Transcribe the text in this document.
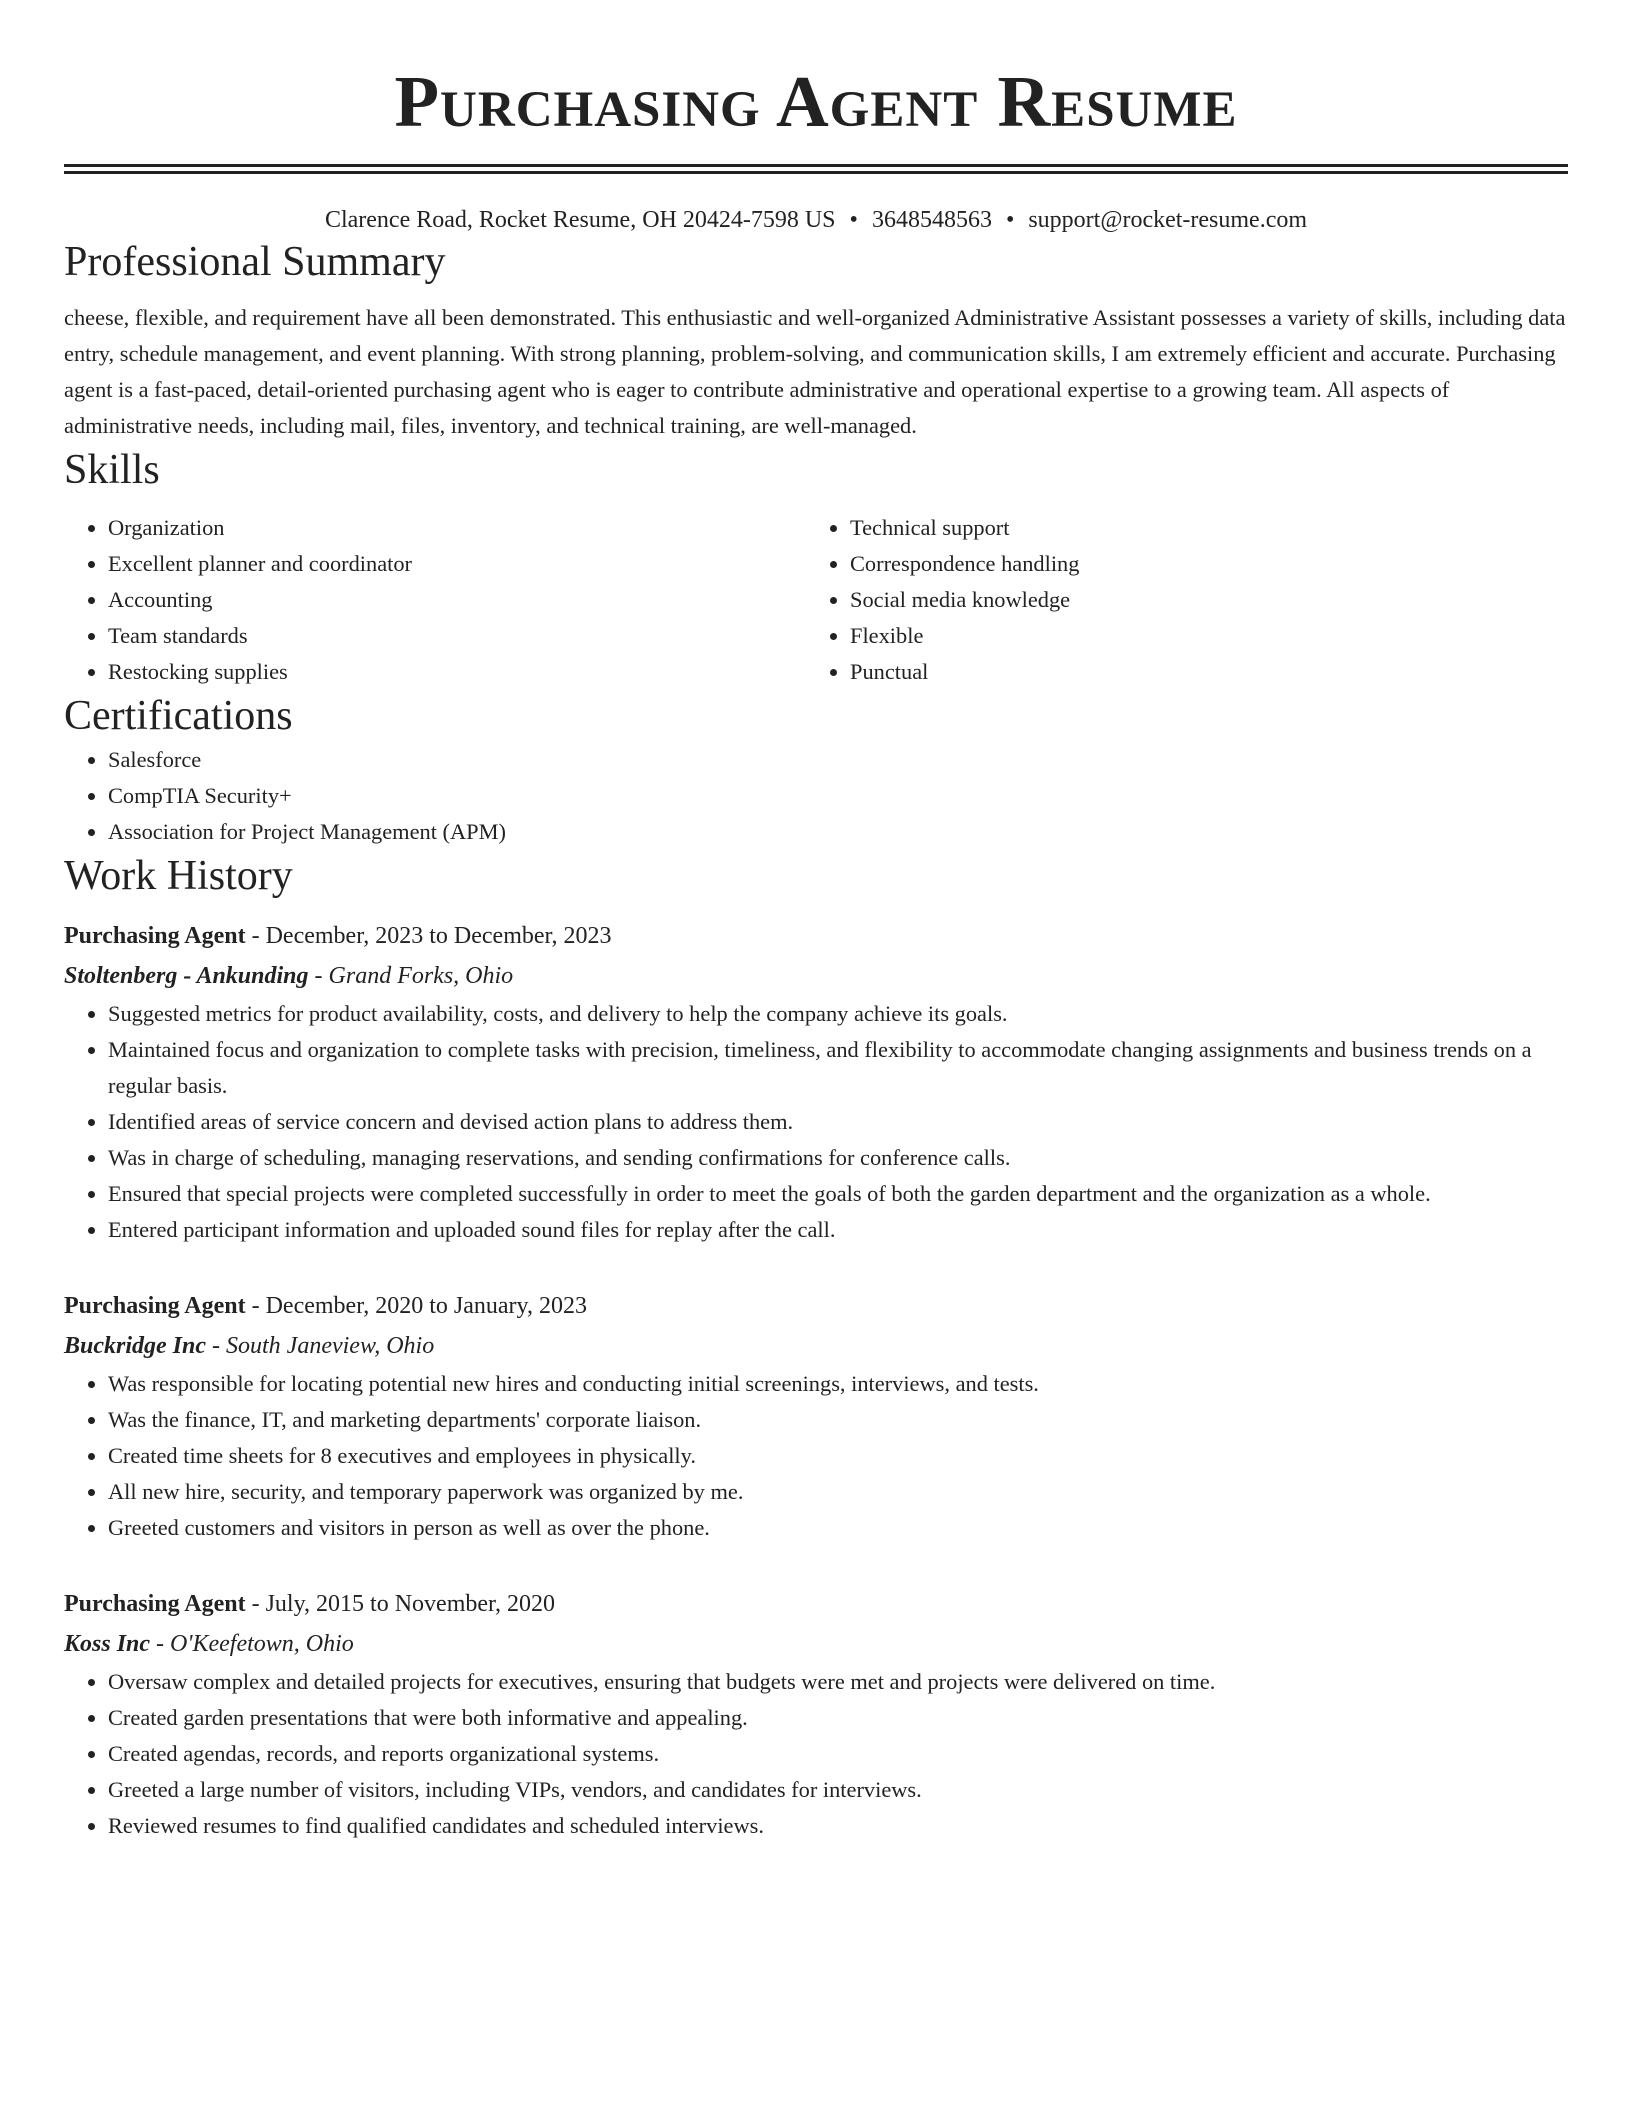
Purchasing Agent Resume
Clarence Road, Rocket Resume, OH 20424-7598 US • 3648548563 • support@rocket-resume.com
Professional Summary

cheese, flexible, and requirement have all been demonstrated. This enthusiastic and well-organized Administrative Assistant possesses a variety of skills, including data entry, schedule management, and event planning. With strong planning, problem-solving, and communication skills, I am extremely efficient and accurate. Purchasing agent is a fast-paced, detail-oriented purchasing agent who is eager to contribute administrative and operational expertise to a growing team. All aspects of administrative needs, including mail, files, inventory, and technical training, are well-managed.

Skills
• Organization
• Excellent planner and coordinator
• Accounting
• Team standards
• Restocking supplies
• Technical support
• Correspondence handling
• Social media knowledge
• Flexible
• Punctual
Certifications
• Salesforce
• CompTIA Security+
• Association for Project Management (APM)
Work History
Purchasing Agent - December, 2023 to December, 2023
Stoltenberg - Ankunding - Grand Forks, Ohio
• Suggested metrics for product availability, costs, and delivery to help the company achieve its goals.
• Maintained focus and organization to complete tasks with precision, timeliness, and flexibility to accommodate changing assignments and business trends on a regular basis.
• Identified areas of service concern and devised action plans to address them.
• Was in charge of scheduling, managing reservations, and sending confirmations for conference calls.
• Ensured that special projects were completed successfully in order to meet the goals of both the garden department and the organization as a whole.
• Entered participant information and uploaded sound files for replay after the call.
Purchasing Agent - December, 2020 to January, 2023
Buckridge Inc - South Janeview, Ohio
• Was responsible for locating potential new hires and conducting initial screenings, interviews, and tests.
• Was the finance, IT, and marketing departments' corporate liaison.
• Created time sheets for 8 executives and employees in physically.
• All new hire, security, and temporary paperwork was organized by me.
• Greeted customers and visitors in person as well as over the phone.
Purchasing Agent - July, 2015 to November, 2020
Koss Inc - O'Keefetown, Ohio
• Oversaw complex and detailed projects for executives, ensuring that budgets were met and projects were delivered on time.
• Created garden presentations that were both informative and appealing.
• Created agendas, records, and reports organizational systems.
• Greeted a large number of visitors, including VIPs, vendors, and candidates for interviews.
• Reviewed resumes to find qualified candidates and scheduled interviews.
